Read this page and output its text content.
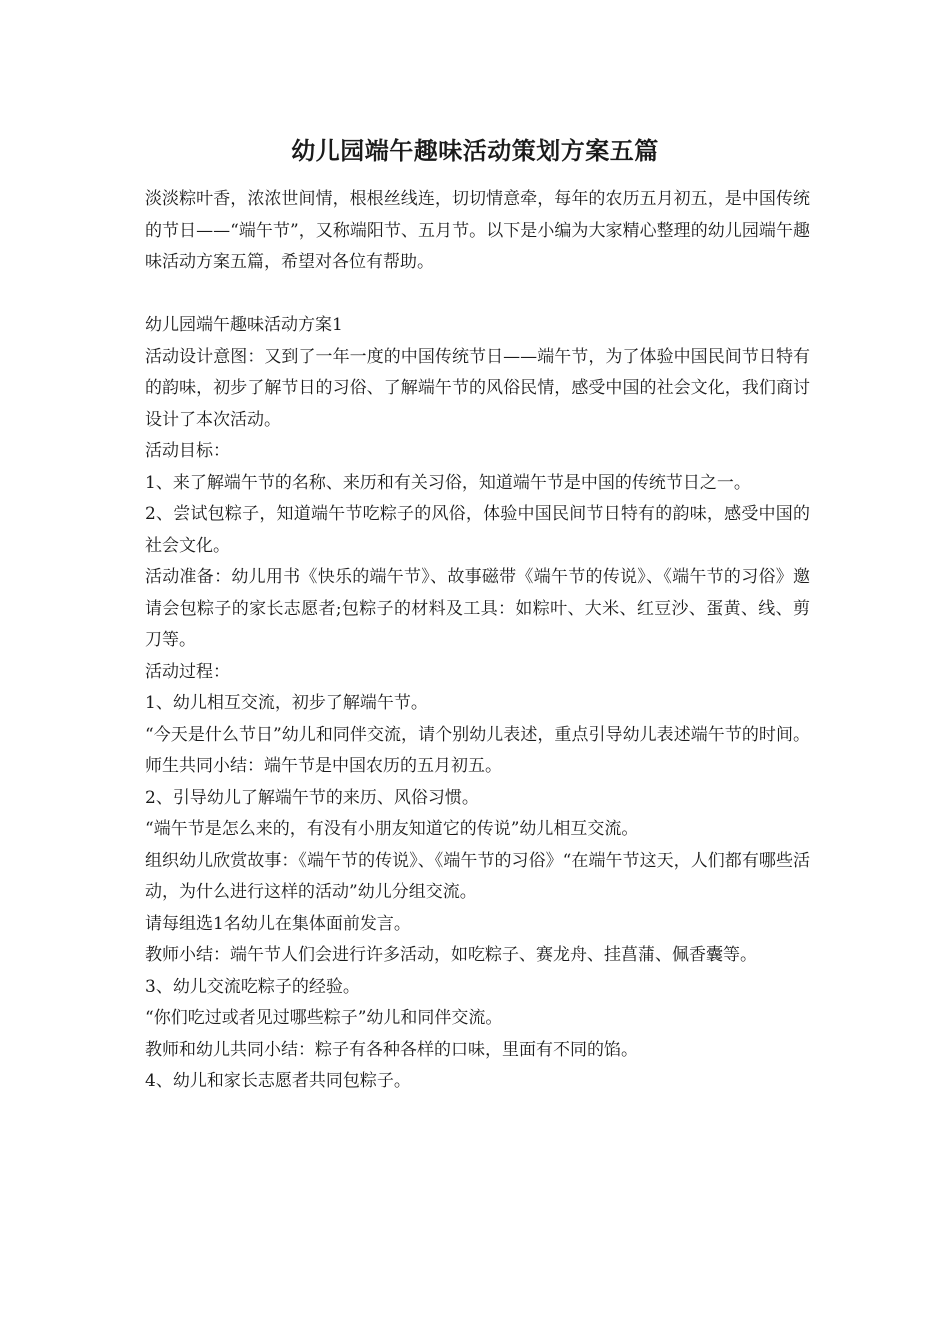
幼儿园端午趣味活动策划方案五篇

淡淡粽叶香，浓浓世间情，根根丝线连，切切情意牵，每年的农历五月初五，是中国传统的节日——“端午节”，又称端阳节、五月节。以下是小编为大家精心整理的幼儿园端午趣味活动方案五篇，希望对各位有帮助。

幼儿园端午趣味活动方案1

活动设计意图：又到了一年一度的中国传统节日——端午节，为了体验中国民间节日特有的韵味，初步了解节日的习俗、了解端午节的风俗民情，感受中国的社会文化，我们商讨设计了本次活动。

活动目标：

1、来了解端午节的名称、来历和有关习俗，知道端午节是中国的传统节日之一。

2、尝试包粽子，知道端午节吃粽子的风俗，体验中国民间节日特有的韵味，感受中国的社会文化。

活动准备：幼儿用书《快乐的端午节》、故事磁带《端午节的传说》、《端午节的习俗》邀请会包粽子的家长志愿者;包粽子的材料及工具：如粽叶、大米、红豆沙、蛋黄、线、剪刀等。

活动过程：

1、幼儿相互交流，初步了解端午节。

“今天是什么节日”幼儿和同伴交流，请个别幼儿表述，重点引导幼儿表述端午节的时间。师生共同小结：端午节是中国农历的五月初五。

2、引导幼儿了解端午节的来历、风俗习惯。

“端午节是怎么来的，有没有小朋友知道它的传说”幼儿相互交流。

组织幼儿欣赏故事：《端午节的传说》、《端午节的习俗》“在端午节这天，人们都有哪些活动，为什么进行这样的活动”幼儿分组交流。

请每组选1名幼儿在集体面前发言。

教师小结：端午节人们会进行许多活动，如吃粽子、赛龙舟、挂菖蒲、佩香囊等。

3、幼儿交流吃粽子的经验。

“你们吃过或者见过哪些粽子”幼儿和同伴交流。

教师和幼儿共同小结：粽子有各种各样的口味，里面有不同的馅。

4、幼儿和家长志愿者共同包粽子。
